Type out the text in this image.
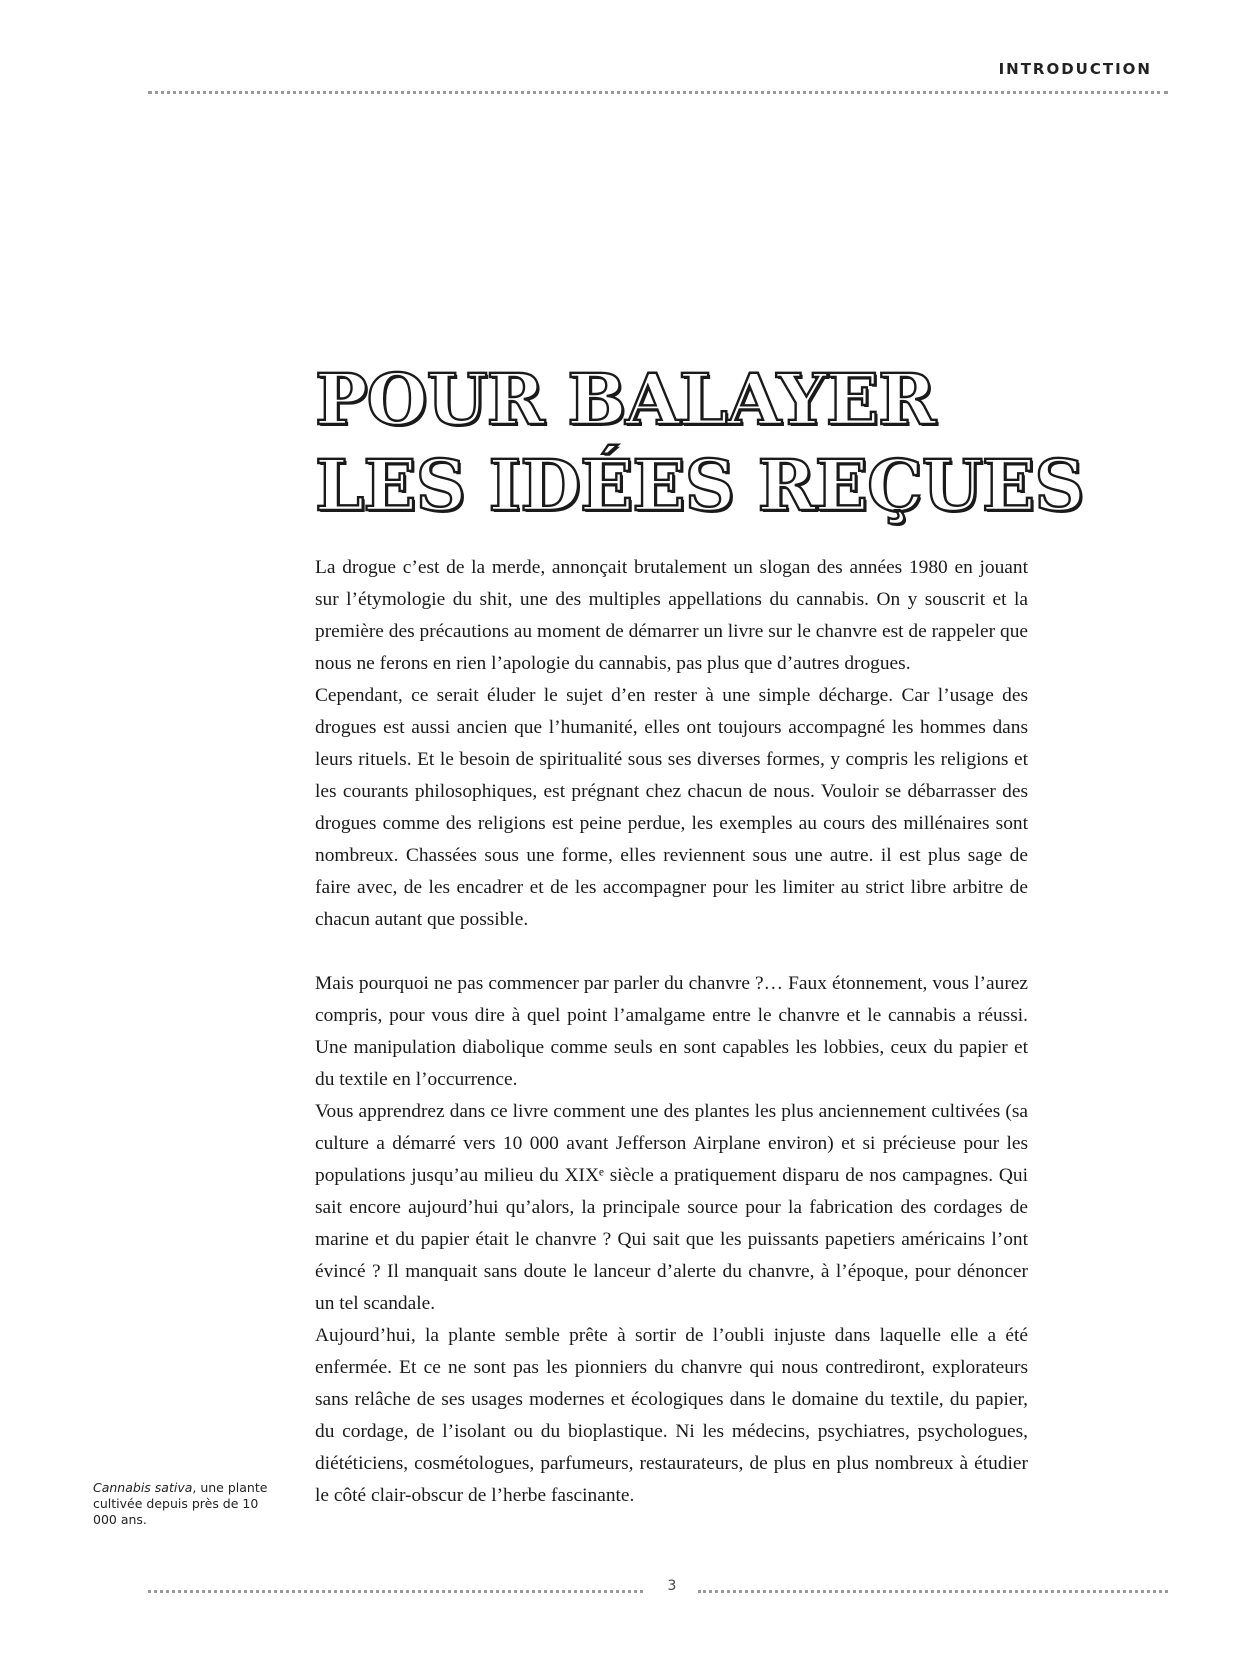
INTRODUCTION
POUR BALAYER
LES IDÉES REÇUES

La drogue c’est de la merde, annonçait brutalement un slogan des années 1980 en jouant sur l’étymologie du shit, une des multiples appellations du cannabis. On y souscrit et la première des précautions au moment de démarrer un livre sur le chanvre est de rappeler que nous ne ferons en rien l’apologie du cannabis, pas plus que d’autres drogues.

Cependant, ce serait éluder le sujet d’en rester à une simple décharge. Car l’usage des drogues est aussi ancien que l’humanité, elles ont toujours accompagné les hommes dans leurs rituels. Et le besoin de spiritualité sous ses diverses formes, y compris les religions et les courants philosophiques, est prégnant chez chacun de nous. Vouloir se débarrasser des drogues comme des religions est peine perdue, les exemples au cours des millénaires sont nombreux. Chassées sous une forme, elles reviennent sous une autre. il est plus sage de faire avec, de les encadrer et de les accompagner pour les limiter au strict libre arbitre de chacun autant que possible.

Mais pourquoi ne pas commencer par parler du chanvre ?… Faux étonnement, vous l’aurez compris, pour vous dire à quel point l’amalgame entre le chanvre et le cannabis a réussi. Une manipulation diabolique comme seuls en sont capables les lobbies, ceux du papier et du textile en l’occurrence.

Vous apprendrez dans ce livre comment une des plantes les plus anciennement cultivées (sa culture a démarré vers 10 000 avant Jefferson Airplane environ) et si précieuse pour les populations jusqu’au milieu du XIXᵉ siècle a pratiquement disparu de nos campagnes. Qui sait encore aujourd’hui qu’alors, la principale source pour la fabrication des cordages de marine et du papier était le chanvre ? Qui sait que les puissants papetiers américains l’ont évincé ? Il manquait sans doute le lanceur d’alerte du chanvre, à l’époque, pour dénoncer un tel scandale.

Aujourd’hui, la plante semble prête à sortir de l’oubli injuste dans laquelle elle a été enfermée. Et ce ne sont pas les pionniers du chanvre qui nous contrediront, explorateurs sans relâche de ses usages modernes et écologiques dans le domaine du textile, du papier, du cordage, de l’isolant ou du bioplastique. Ni les médecins, psychiatres, psychologues, diététiciens, cosmétologues, parfumeurs, restaurateurs, de plus en plus nombreux à étudier le côté clair-obscur de l’herbe fascinante.

Cannabis sativa, une plante cultivée depuis près de 10 000 ans.
3
